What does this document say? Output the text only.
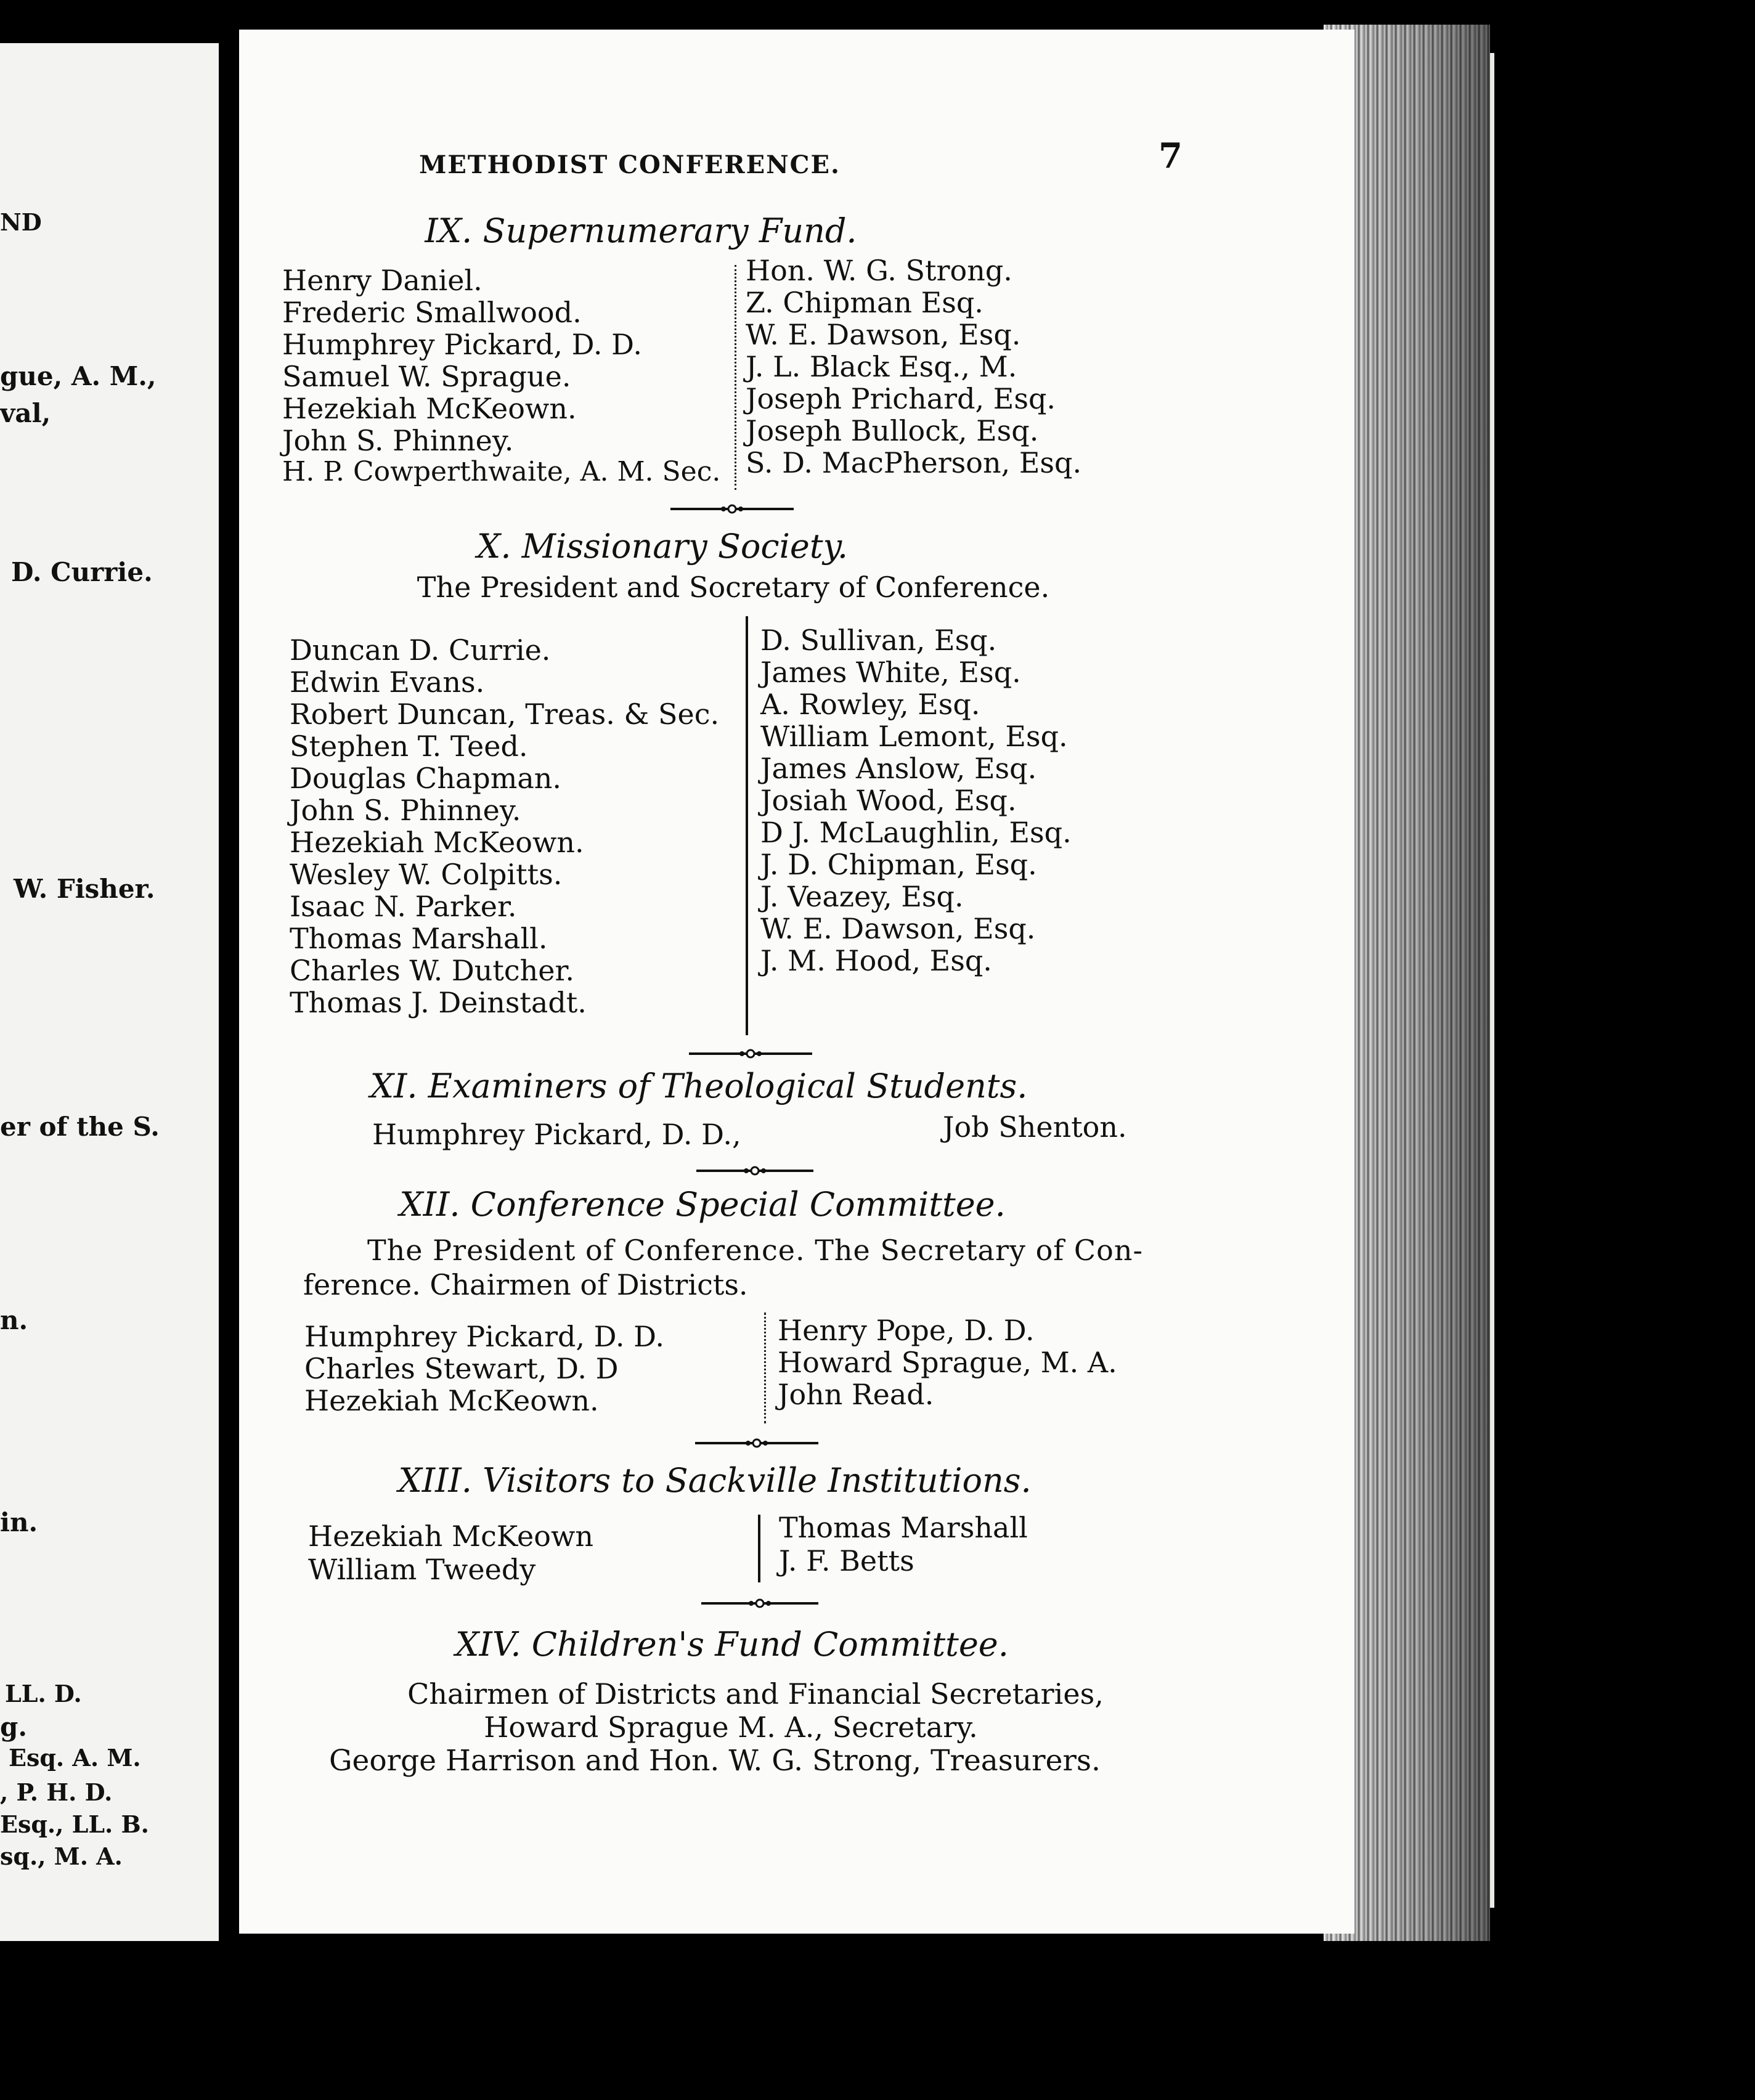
ND
gue, A. M.,
val,
D. Currie.
W. Fisher.
er of the S.
n.
in.
LL. D.
g.
Esq. A. M.
, P. H. D.
Esq., LL. B.
sq., M. A.
METHODIST CONFERENCE.	7
IX. Supernumerary Fund.
Henry Daniel.
Frederic Smallwood.
Humphrey Pickard, D. D.
Samuel W. Sprague.
Hezekiah McKeown.
John S. Phinney.
H. P. Cowperthwaite, A. M. Sec.
Hon. W. G. Strong.
Z. Chipman Esq.
W. E. Dawson, Esq.
J. L. Black Esq., M.
Joseph Prichard, Esq.
Joseph Bullock, Esq.
S. D. MacPherson, Esq.
X. Missionary Society.
The President and Socretary of Conference.
Duncan D. Currie.
Edwin Evans.
Robert Duncan, Treas. & Sec.
Stephen T. Teed.
Douglas Chapman.
John S. Phinney.
Hezekiah McKeown.
Wesley W. Colpitts.
Isaac N. Parker.
Thomas Marshall.
Charles W. Dutcher.
Thomas J. Deinstadt.
D. Sullivan, Esq.
James White, Esq.
A. Rowley, Esq.
William Lemont, Esq.
James Anslow, Esq.
Josiah Wood, Esq.
D J. McLaughlin, Esq.
J. D. Chipman, Esq.
J. Veazey, Esq.
W. E. Dawson, Esq.
J. M. Hood, Esq.
XI. Examiners of Theological Students.
Humphrey Pickard, D. D.,	Job Shenton.
XII. Conference Special Committee.
The President of Conference. The Secretary of Con-
ference. Chairmen of Districts.
Humphrey Pickard, D. D.
Charles Stewart, D. D
Hezekiah McKeown.
Henry Pope, D. D.
Howard Sprague, M. A.
John Read.
XIII. Visitors to Sackville Institutions.
Hezekiah McKeown
William Tweedy
Thomas Marshall
J. F. Betts
XIV. Children's Fund Committee.
Chairmen of Districts and Financial Secretaries,
Howard Sprague M. A., Secretary.
George Harrison and Hon. W. G. Strong, Treasurers.
